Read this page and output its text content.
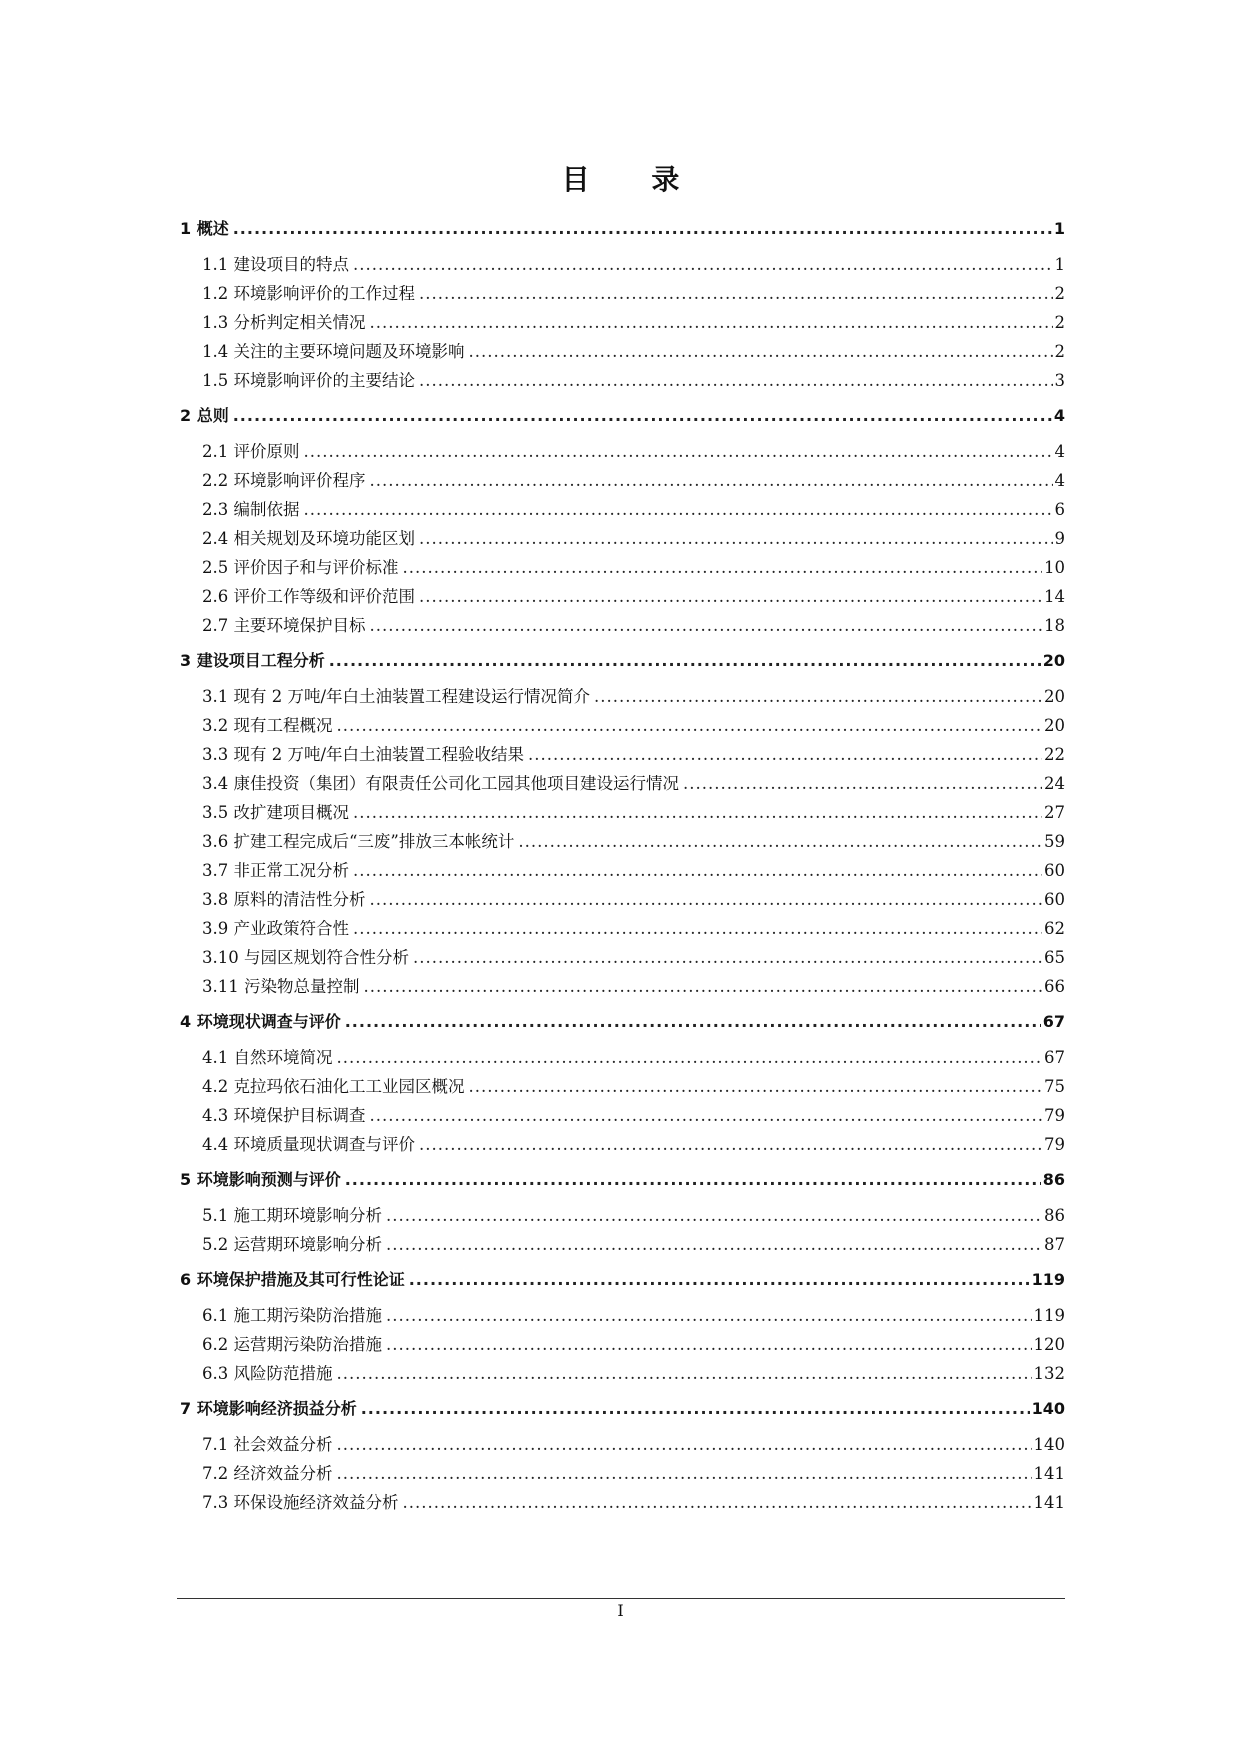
目 录
1 概述 .....	1
1.1 建设项目的特点 .....	1
1.2 环境影响评价的工作过程 .....	2
1.3 分析判定相关情况 .....	2
1.4 关注的主要环境问题及环境影响 .....	2
1.5 环境影响评价的主要结论 .....	3
2 总则 .....	4
2.1 评价原则 .....	4
2.2 环境影响评价程序 .....	4
2.3 编制依据 .....	6
2.4 相关规划及环境功能区划 .....	9
2.5 评价因子和与评价标准 .....	10
2.6 评价工作等级和评价范围 .....	14
2.7 主要环境保护目标 .....	18
3 建设项目工程分析 .....	20
3.1 现有 2 万吨/年白土油装置工程建设运行情况简介 .....	20
3.2 现有工程概况 .....	20
3.3 现有 2 万吨/年白土油装置工程验收结果 .....	22
3.4 康佳投资（集团）有限责任公司化工园其他项目建设运行情况 .....	24
3.5 改扩建项目概况 .....	27
3.6 扩建工程完成后“三废”排放三本帐统计 .....	59
3.7 非正常工况分析 .....	60
3.8 原料的清洁性分析 .....	60
3.9 产业政策符合性 .....	62
3.10 与园区规划符合性分析 .....	65
3.11 污染物总量控制 .....	66
4 环境现状调查与评价 .....	67
4.1 自然环境简况 .....	67
4.2 克拉玛依石油化工工业园区概况 .....	75
4.3 环境保护目标调查 .....	79
4.4 环境质量现状调查与评价 .....	79
5 环境影响预测与评价 .....	86
5.1 施工期环境影响分析 .....	86
5.2 运营期环境影响分析 .....	87
6 环境保护措施及其可行性论证 .....	119
6.1 施工期污染防治措施 .....	119
6.2 运营期污染防治措施 .....	120
6.3 风险防范措施 .....	132
7 环境影响经济损益分析 .....	140
7.1 社会效益分析 .....	140
7.2 经济效益分析 .....	141
7.3 环保设施经济效益分析 .....	141
I
